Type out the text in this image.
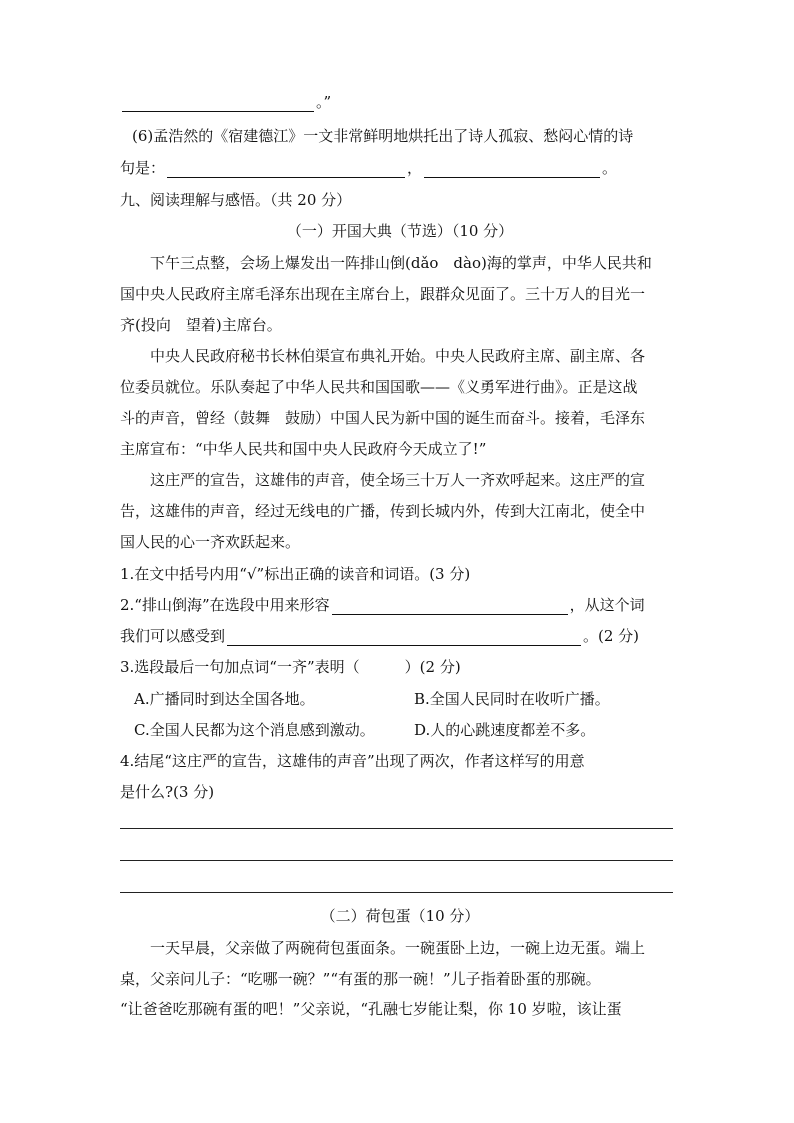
。”
(6)孟浩然的《宿建德江》一文非常鲜明地烘托出了诗人孤寂、愁闷心情的诗
句是：	，	。
九、阅读理解与感悟。（共 20 分）
（一）开国大典（节选）（10 分）
下午三点整，会场上爆发出一阵排山倒(dǎo　dào)海的掌声，中华人民共和
国中央人民政府主席毛泽东出现在主席台上，跟群众见面了。三十万人的目光一
齐(投向　望着)主席台。
中央人民政府秘书长林伯渠宣布典礼开始。中央人民政府主席、副主席、各
位委员就位。乐队奏起了中华人民共和国国歌——《义勇军进行曲》。正是这战
斗的声音，曾经（鼓舞　鼓励）中国人民为新中国的诞生而奋斗。接着，毛泽东
主席宣布：“中华人民共和国中央人民政府今天成立了!”
这庄严的宣告，这雄伟的声音，使全场三十万人一齐欢呼起来。这庄严的宣
告，这雄伟的声音，经过无线电的广播，传到长城内外，传到大江南北，使全中
国人民的心一齐欢跃起来。
1.在文中括号内用“√”标出正确的读音和词语。(3 分)
2.“排山倒海”在选段中用来形容	，从这个词
我们可以感受到	。(2 分)
3.选段最后一句加点词“一齐”表明（　　　）(2 分)
A.广播同时到达全国各地。	B.全国人民同时在收听广播。
C.全国人民都为这个消息感到激动。	D.人的心跳速度都差不多。
4.结尾“这庄严的宣告，这雄伟的声音”出现了两次，作者这样写的用意
是什么?(3 分)
（二）荷包蛋（10 分）
一天早晨，父亲做了两碗荷包蛋面条。一碗蛋卧上边，一碗上边无蛋。端上
桌，父亲问儿子：“吃哪一碗？”“有蛋的那一碗！”儿子指着卧蛋的那碗。
“让爸爸吃那碗有蛋的吧！”父亲说，“孔融七岁能让梨，你 10 岁啦，该让蛋
